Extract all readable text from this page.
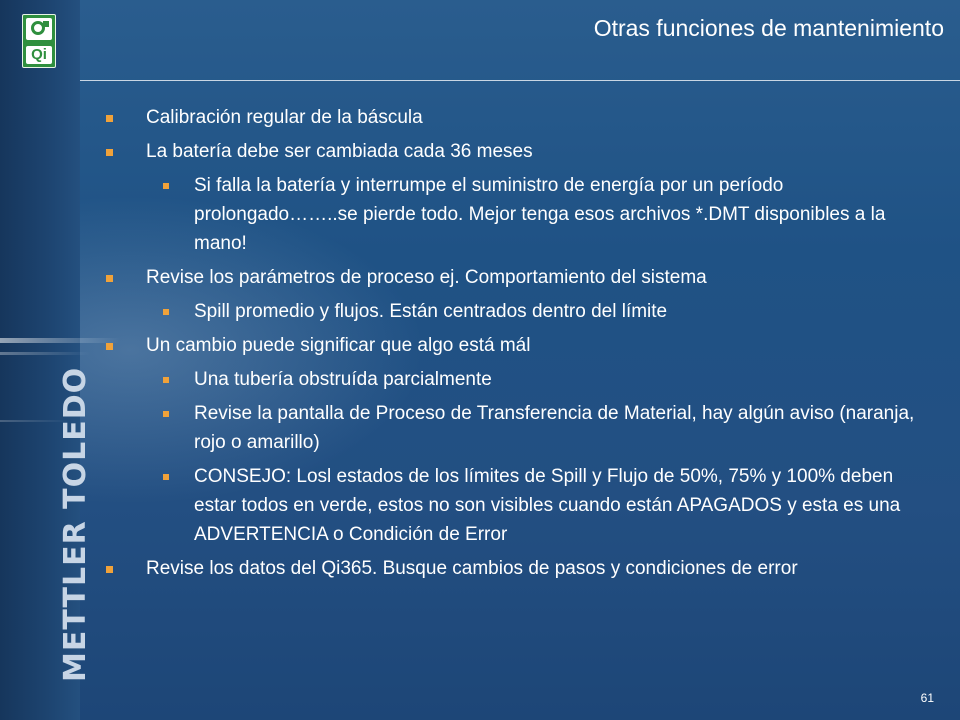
Qi
METTLER TOLEDO
Otras funciones de mantenimiento
Calibración regular de la báscula
La batería debe ser cambiada cada 36 meses
Si falla la batería y interrumpe el suministro de energía por un período prolongado……..se pierde todo. Mejor tenga esos archivos *.DMT disponibles a la mano!
Revise los parámetros de proceso ej. Comportamiento del sistema
Spill promedio y flujos. Están centrados dentro del límite
Un cambio puede significar que algo está mál
Una tubería obstruída parcialmente
Revise la pantalla de Proceso de Transferencia de Material, hay algún aviso (naranja, rojo o amarillo)
CONSEJO: Losl estados de los límites de Spill y Flujo de 50%, 75% y 100% deben estar todos en verde, estos no son visibles cuando están APAGADOS y esta es una ADVERTENCIA o Condición de Error
Revise los datos del Qi365. Busque cambios de pasos y condiciones de error
61
